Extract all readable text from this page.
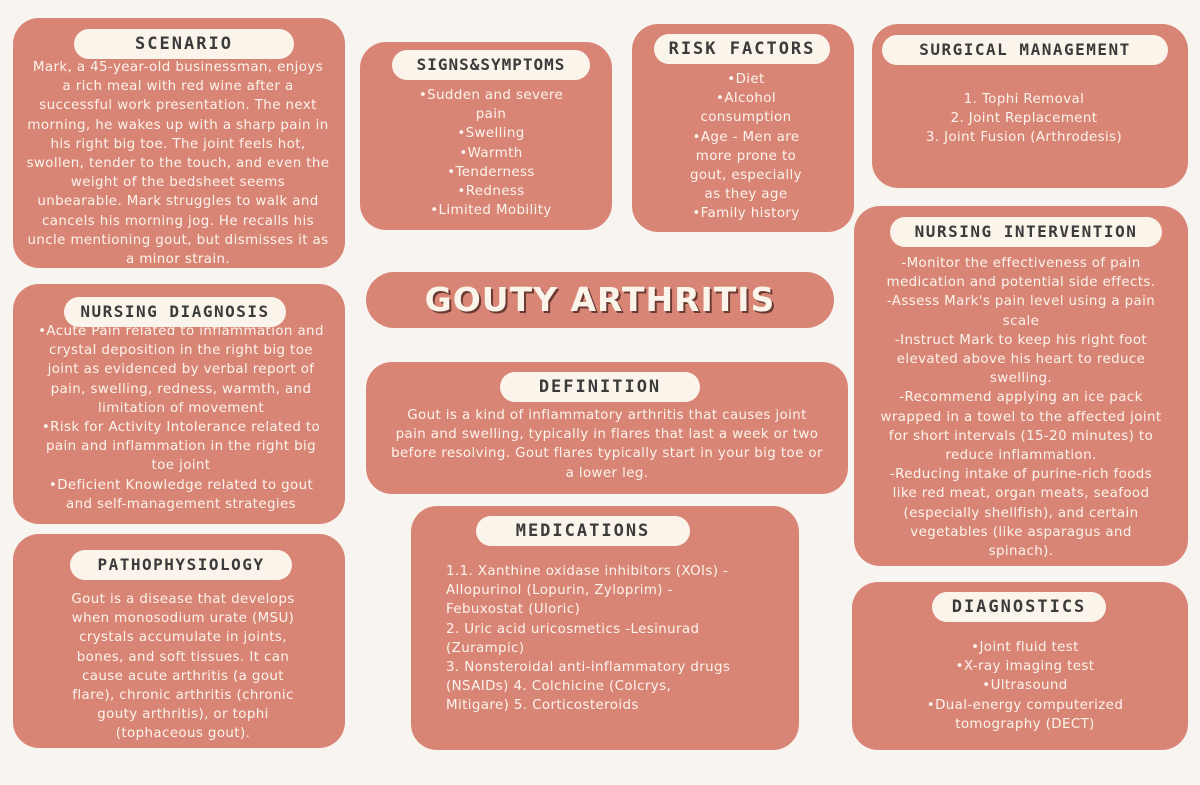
SCENARIO
Mark, a 45-year-old businessman, enjoys
a rich meal with red wine after a
successful work presentation. The next
morning, he wakes up with a sharp pain in
his right big toe. The joint feels hot,
swollen, tender to the touch, and even the
weight of the bedsheet seems
unbearable. Mark struggles to walk and
cancels his morning jog. He recalls his
uncle mentioning gout, but dismisses it as
a minor strain.
SIGNS&SYMPTOMS
•Sudden and severe
pain
•Swelling
•Warmth
•Tenderness
•Redness
•Limited Mobility
RISK FACTORS
•Diet
•Alcohol
consumption
•Age - Men are
more prone to
gout, especially
as they age
•Family history
SURGICAL MANAGEMENT
1. Tophi Removal
2. Joint Replacement
3. Joint Fusion (Arthrodesis)
GOUTY ARTHRITIS
NURSING DIAGNOSIS
•Acute Pain related to inflammation and
crystal deposition in the right big toe
joint as evidenced by verbal report of
pain, swelling, redness, warmth, and
limitation of movement
•Risk for Activity Intolerance related to
pain and inflammation in the right big
toe joint
•Deficient Knowledge related to gout
and self-management strategies
DEFINITION
Gout is a kind of inflammatory arthritis that causes joint
pain and swelling, typically in flares that last a week or two
before resolving. Gout flares typically start in your big toe or
a lower leg.
NURSING INTERVENTION
-Monitor the effectiveness of pain
medication and potential side effects.
-Assess Mark's pain level using a pain
scale
-Instruct Mark to keep his right foot
elevated above his heart to reduce
swelling.
-Recommend applying an ice pack
wrapped in a towel to the affected joint
for short intervals (15-20 minutes) to
reduce inflammation.
-Reducing intake of purine-rich foods
like red meat, organ meats, seafood
(especially shellfish), and certain
vegetables (like asparagus and
spinach).
PATHOPHYSIOLOGY
Gout is a disease that develops
when monosodium urate (MSU)
crystals accumulate in joints,
bones, and soft tissues. It can
cause acute arthritis (a gout
flare), chronic arthritis (chronic
gouty arthritis), or tophi
(tophaceous gout).
MEDICATIONS
1.1. Xanthine oxidase inhibitors (XOIs) -
Allopurinol (Lopurin, Zyloprim) -
Febuxostat (Uloric)
2. Uric acid uricosmetics -Lesinurad
(Zurampic)
3. Nonsteroidal anti-inflammatory drugs
(NSAIDs) 4. Colchicine (Colcrys,
Mitigare) 5. Corticosteroids
DIAGNOSTICS
•Joint fluid test
•X-ray imaging test
•Ultrasound
•Dual-energy computerized
tomography (DECT)
